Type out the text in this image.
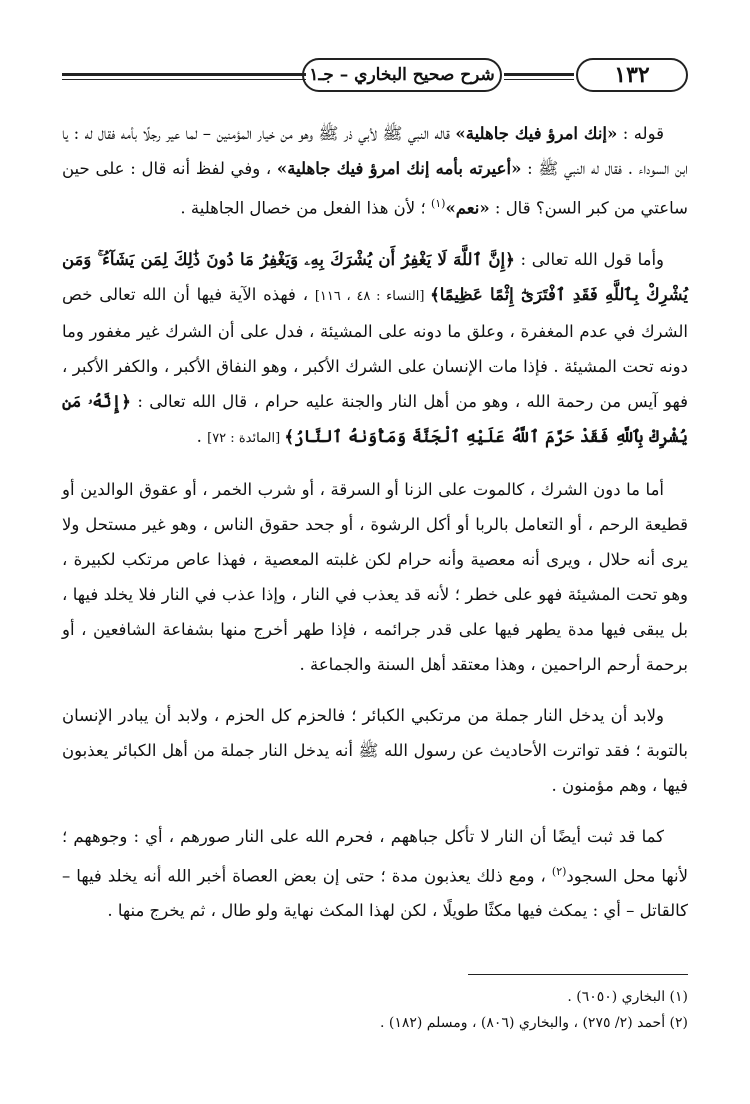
١٣٢
شرح صحيح البخاري – جـ١

قوله : «إنك امرؤ فيك جاهلية» قاله النبي ﷺ لأبي ذر ﷺ وهو من خيار المؤمنين – لما عير رجلًا بأمه فقال له : يا ابن السوداء . فقال له النبي ﷺ : «أعيرته بأمه إنك امرؤ فيك جاهلية» ، وفي لفظ أنه قال : على حين ساعتي من كبر السن؟ قال : «نعم»$^{(١)}$ ؛ لأن هذا الفعل من خصال الجاهلية .

وأما قول الله تعالى : ﴿إِنَّ ٱللَّهَ لَا يَغْفِرُ أَن يُشْرَكَ بِهِۦ وَيَغْفِرُ مَا دُونَ ذَٰلِكَ لِمَن يَشَآءُ ۚ وَمَن يُشْرِكْ بِٱللَّهِ فَقَدِ ٱفْتَرَىٰٓ إِثْمًا عَظِيمًا﴾ [النساء : ٤٨ ، ١١٦] ، فهذه الآية فيها أن الله تعالى خص الشرك في عدم المغفرة ، وعلق ما دونه على المشيئة ، فدل على أن الشرك غير مغفور وما دونه تحت المشيئة . فإذا مات الإنسان على الشرك الأكبر ، وهو النفاق الأكبر ، والكفر الأكبر ، فهو آيس من رحمة الله ، وهو من أهل النار والجنة عليه حرام ، قال الله تعالى : ﴿إِنَّهُۥ مَن يُشْرِكْ بِٱللَّهِ فَقَدْ حَرَّمَ ٱللَّهُ عَلَيْهِ ٱلْجَنَّةَ وَمَأْوَىٰهُ ٱلنَّارُ﴾ [المائدة : ٧٢] .

أما ما دون الشرك ، كالموت على الزنا أو السرقة ، أو شرب الخمر ، أو عقوق الوالدين أو قطيعة الرحم ، أو التعامل بالربا أو أكل الرشوة ، أو جحد حقوق الناس ، وهو غير مستحل ولا يرى أنه حلال ، ويرى أنه معصية وأنه حرام لكن غلبته المعصية ، فهذا عاص مرتكب لكبيرة ، وهو تحت المشيئة فهو على خطر ؛ لأنه قد يعذب في النار ، وإذا عذب في النار فلا يخلد فيها ، بل يبقى فيها مدة يطهر فيها على قدر جرائمه ، فإذا طهر أخرج منها بشفاعة الشافعين ، أو برحمة أرحم الراحمين ، وهذا معتقد أهل السنة والجماعة .

ولابد أن يدخل النار جملة من مرتكبي الكبائر ؛ فالحزم كل الحزم ، ولابد أن يبادر الإنسان بالتوبة ؛ فقد تواترت الأحاديث عن رسول الله ﷺ أنه يدخل النار جملة من أهل الكبائر يعذبون فيها ، وهم مؤمنون .

كما قد ثبت أيضًا أن النار لا تأكل جباههم ، فحرم الله على النار صورهم ، أي : وجوههم ؛ لأنها محل السجود$^{(٢)}$ ، ومع ذلك يعذبون مدة ؛ حتى إن بعض العصاة أخبر الله أنه يخلد فيها – كالقاتل – أي : يمكث فيها مكثًا طويلًا ، لكن لهذا المكث نهاية ولو طال ، ثم يخرج منها .

(١) البخاري (٦٠٥٠) .
(٢) أحمد (٢/ ٢٧٥) ، والبخاري (٨٠٦) ، ومسلم (١٨٢) .
